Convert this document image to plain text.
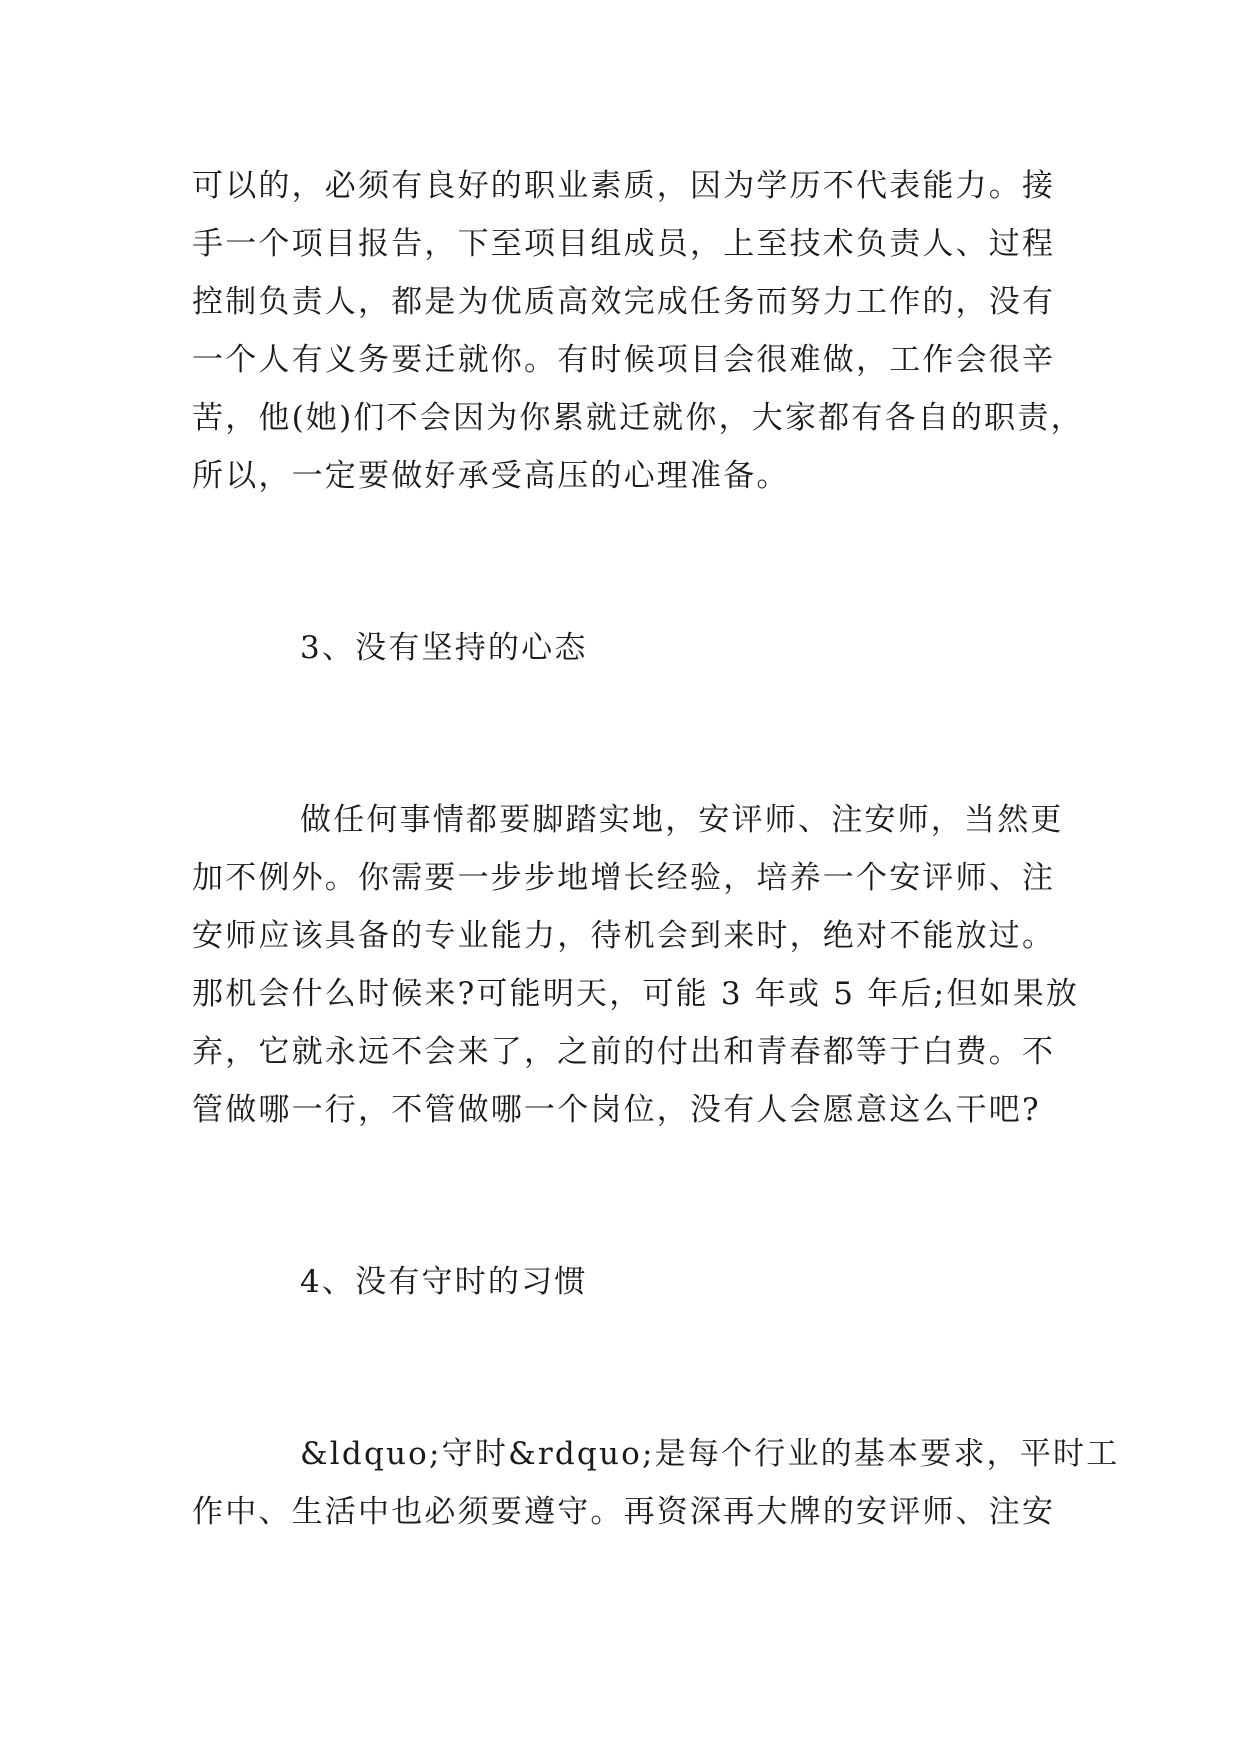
可以的，必须有良好的职业素质，因为学历不代表能力。接
手一个项目报告，下至项目组成员，上至技术负责人、过程
控制负责人，都是为优质高效完成任务而努力工作的，没有
一个人有义务要迁就你。有时候项目会很难做，工作会很辛
苦，他(她)们不会因为你累就迁就你，大家都有各自的职责，
所以，一定要做好承受高压的心理准备。
3、没有坚持的心态
做任何事情都要脚踏实地，安评师、注安师，当然更
加不例外。你需要一步步地增长经验，培养一个安评师、注
安师应该具备的专业能力，待机会到来时，绝对不能放过。
那机会什么时候来?可能明天，可能 3 年或 5 年后;但如果放
弃，它就永远不会来了，之前的付出和青春都等于白费。不
管做哪一行，不管做哪一个岗位，没有人会愿意这么干吧?
4、没有守时的习惯
&ldquo;守时&rdquo;是每个行业的基本要求，平时工
作中、生活中也必须要遵守。再资深再大牌的安评师、注安
